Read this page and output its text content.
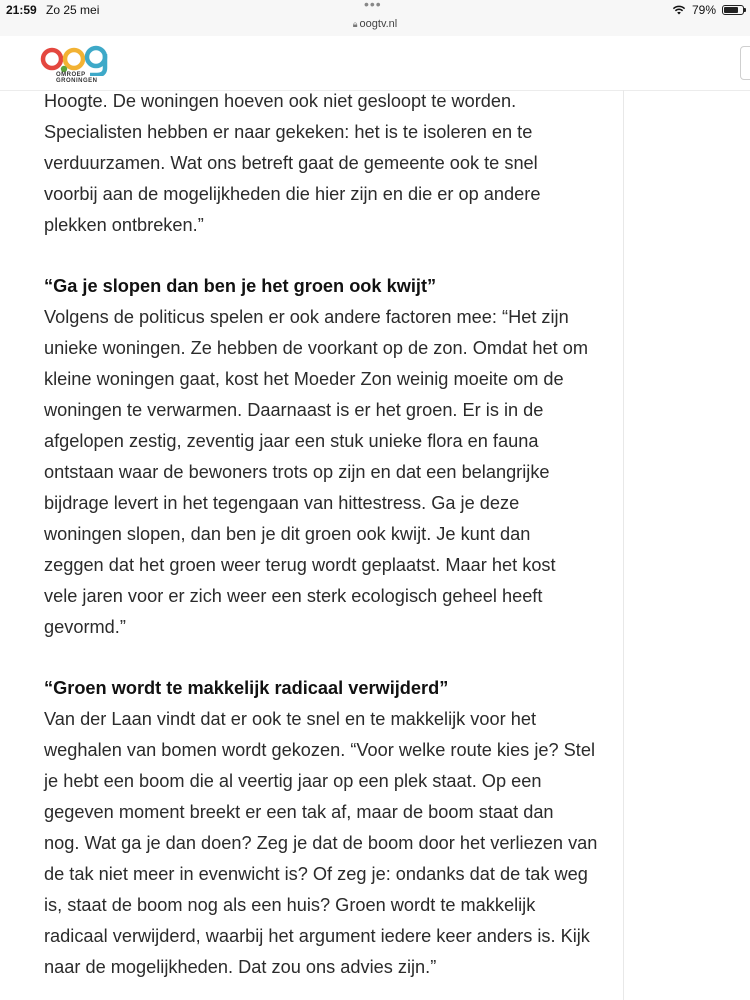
21:59 Zo 25 mei	•••
🔒︎ oogtv.nl
79%
OMROEP
GRONINGEN

Hoogte. De woningen hoeven ook niet gesloopt te worden.
Specialisten hebben er naar gekeken: het is te isoleren en te
verduurzamen. Wat ons betreft gaat de gemeente ook te snel
voorbij aan de mogelijkheden die hier zijn en die er op andere
plekken ontbreken.”

“Ga je slopen dan ben je het groen ook kwijt”

Volgens de politicus spelen er ook andere factoren mee: “Het zijn
unieke woningen. Ze hebben de voorkant op de zon. Omdat het om
kleine woningen gaat, kost het Moeder Zon weinig moeite om de
woningen te verwarmen. Daarnaast is er het groen. Er is in de
afgelopen zestig, zeventig jaar een stuk unieke flora en fauna
ontstaan waar de bewoners trots op zijn en dat een belangrijke
bijdrage levert in het tegengaan van hittestress. Ga je deze
woningen slopen, dan ben je dit groen ook kwijt. Je kunt dan
zeggen dat het groen weer terug wordt geplaatst. Maar het kost
vele jaren voor er zich weer een sterk ecologisch geheel heeft
gevormd.”

“Groen wordt te makkelijk radicaal verwijderd”

Van der Laan vindt dat er ook te snel en te makkelijk voor het
weghalen van bomen wordt gekozen. “Voor welke route kies je? Stel
je hebt een boom die al veertig jaar op een plek staat. Op een
gegeven moment breekt er een tak af, maar de boom staat dan
nog. Wat ga je dan doen? Zeg je dat de boom door het verliezen van
de tak niet meer in evenwicht is? Of zeg je: ondanks dat de tak weg
is, staat de boom nog als een huis? Groen wordt te makkelijk
radicaal verwijderd, waarbij het argument iedere keer anders is. Kijk
naar de mogelijkheden. Dat zou ons advies zijn.”
